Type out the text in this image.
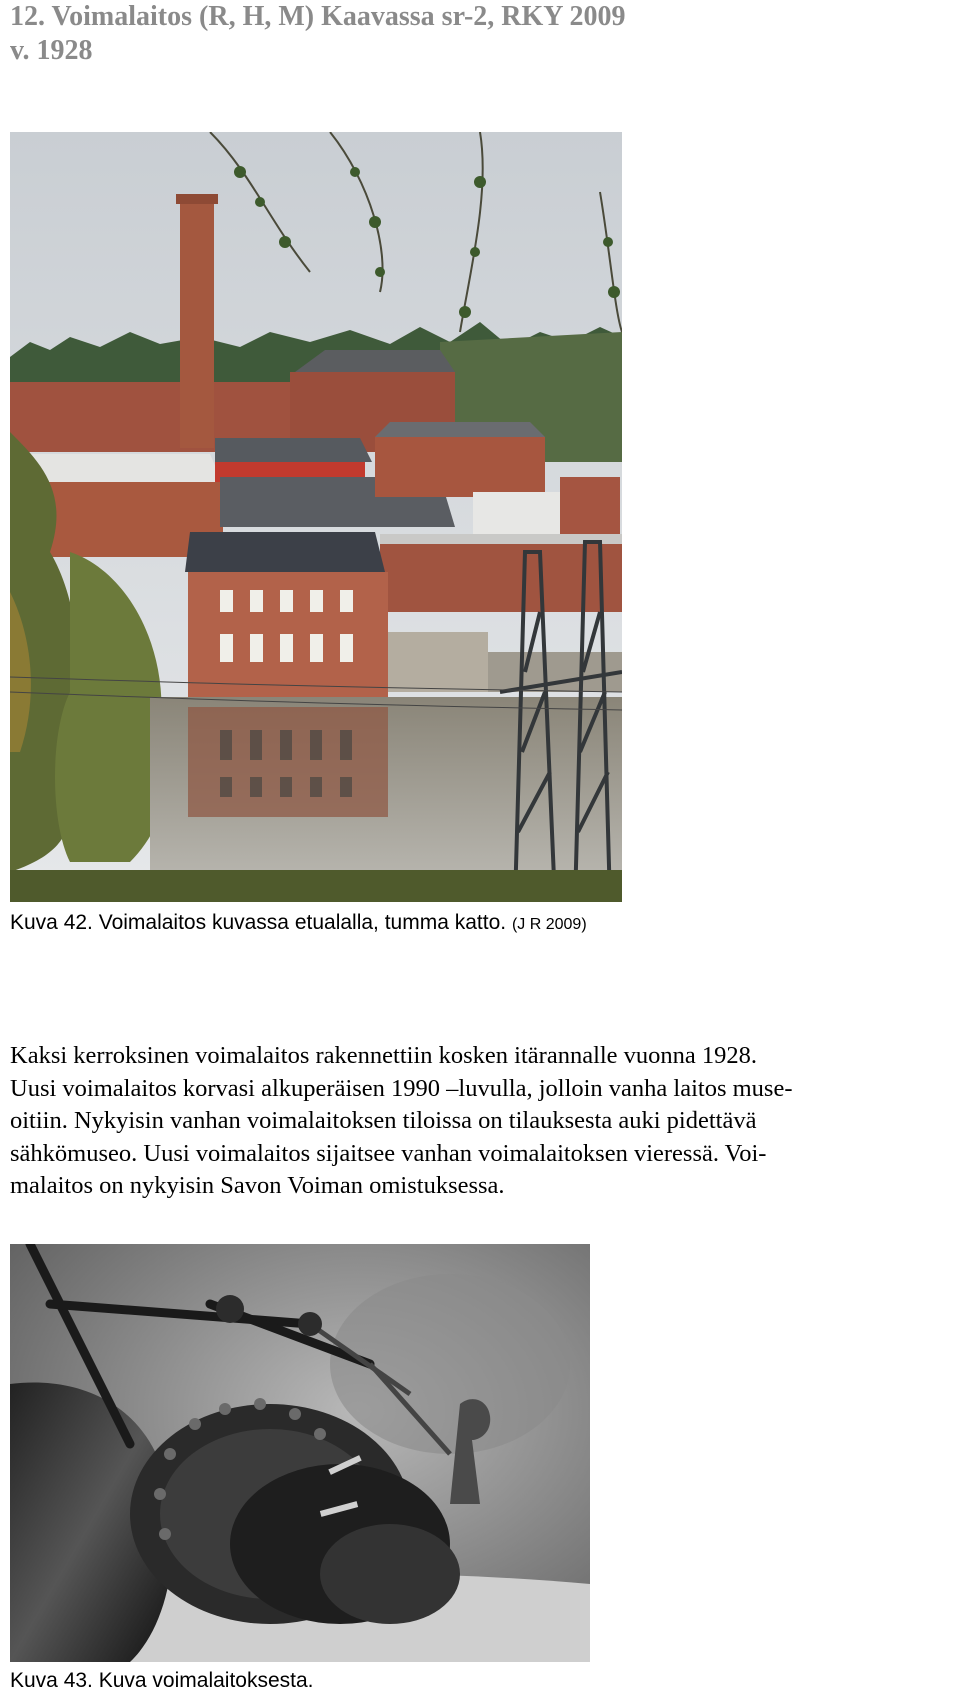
12. Voimalaitos (R, H, M) Kaavassa sr-2, RKY 2009
v. 1928
Kuva 42. Voimalaitos kuvassa etualalla, tumma katto. (J R 2009)
Kaksi kerroksinen voimalaitos rakennettiin kosken itärannalle vuonna 1928.
Uusi voimalaitos korvasi alkuperäisen 1990 –luvulla, jolloin vanha laitos muse-
oitiin. Nykyisin vanhan voimalaitoksen tiloissa on tilauksesta auki pidettävä
sähkömuseo. Uusi voimalaitos sijaitsee vanhan voimalaitoksen vieressä. Voi-
malaitos on nykyisin Savon Voiman omistuksessa.
Kuva 43. Kuva voimalaitoksesta.
